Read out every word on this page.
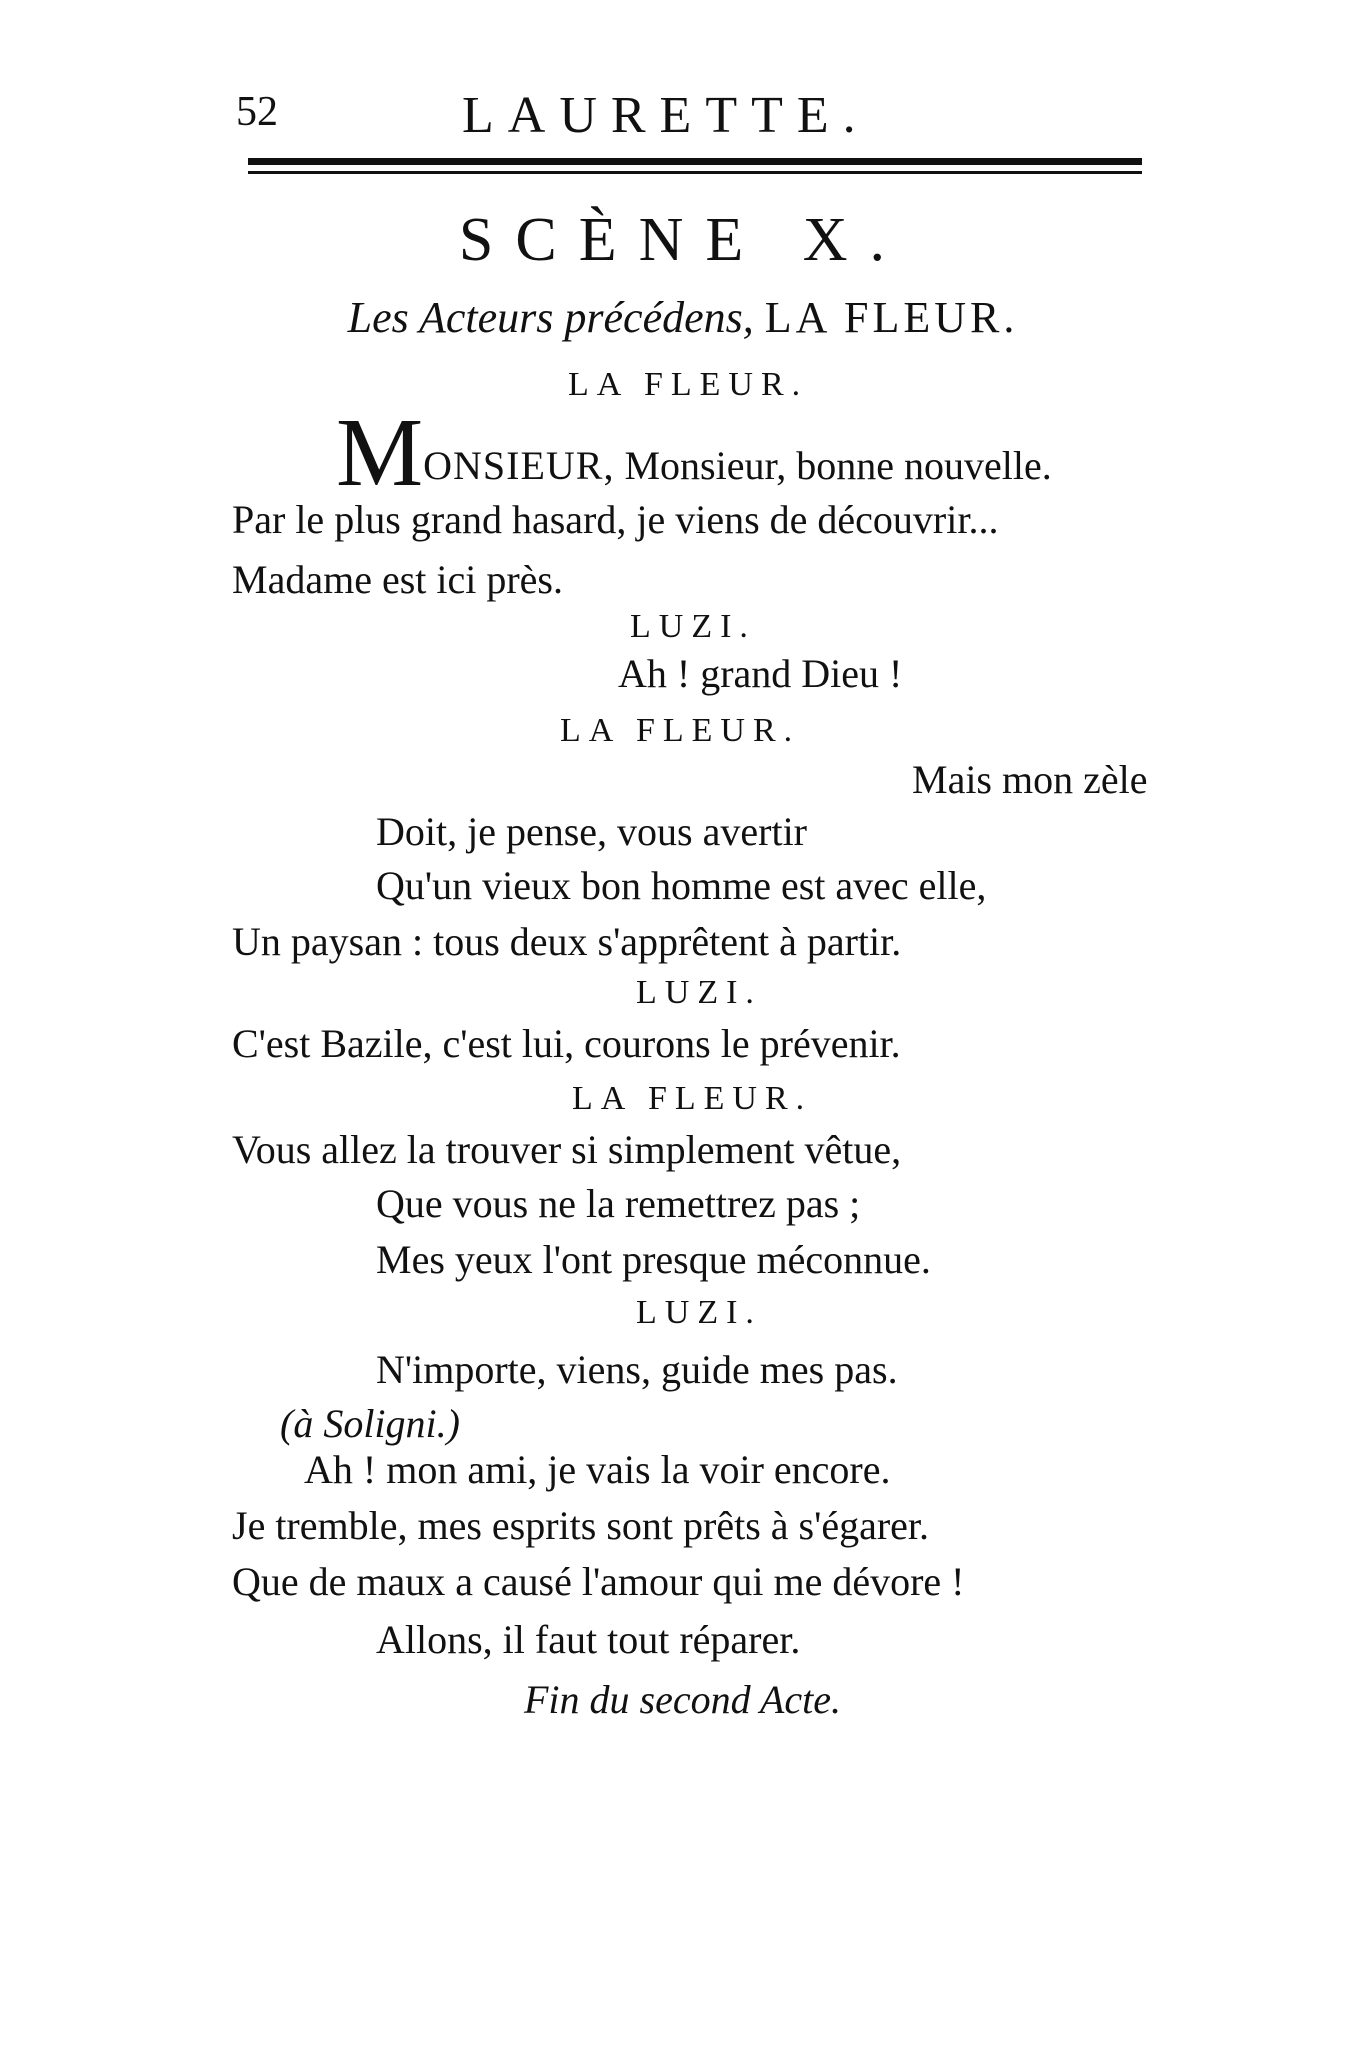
52	LAURETTE.
SCÈNE X.
Les Acteurs précédens, LA FLEUR.
LA FLEUR.
MONSIEUR, Monsieur, bonne nouvelle.
Par le plus grand hasard, je viens de découvrir...
Madame est ici près.
LUZI.
Ah ! grand Dieu !
LA FLEUR.
Mais mon zèle
Doit, je pense, vous avertir
Qu'un vieux bon homme est avec elle,
Un paysan : tous deux s'apprêtent à partir.
LUZI.
C'est Bazile, c'est lui, courons le prévenir.
LA FLEUR.
Vous allez la trouver si simplement vêtue,
Que vous ne la remettrez pas ;
Mes yeux l'ont presque méconnue.
LUZI.
N'importe, viens, guide mes pas.
(à Soligni.)
Ah ! mon ami, je vais la voir encore.
Je tremble, mes esprits sont prêts à s'égarer.
Que de maux a causé l'amour qui me dévore !
Allons, il faut tout réparer.
Fin du second Acte.
